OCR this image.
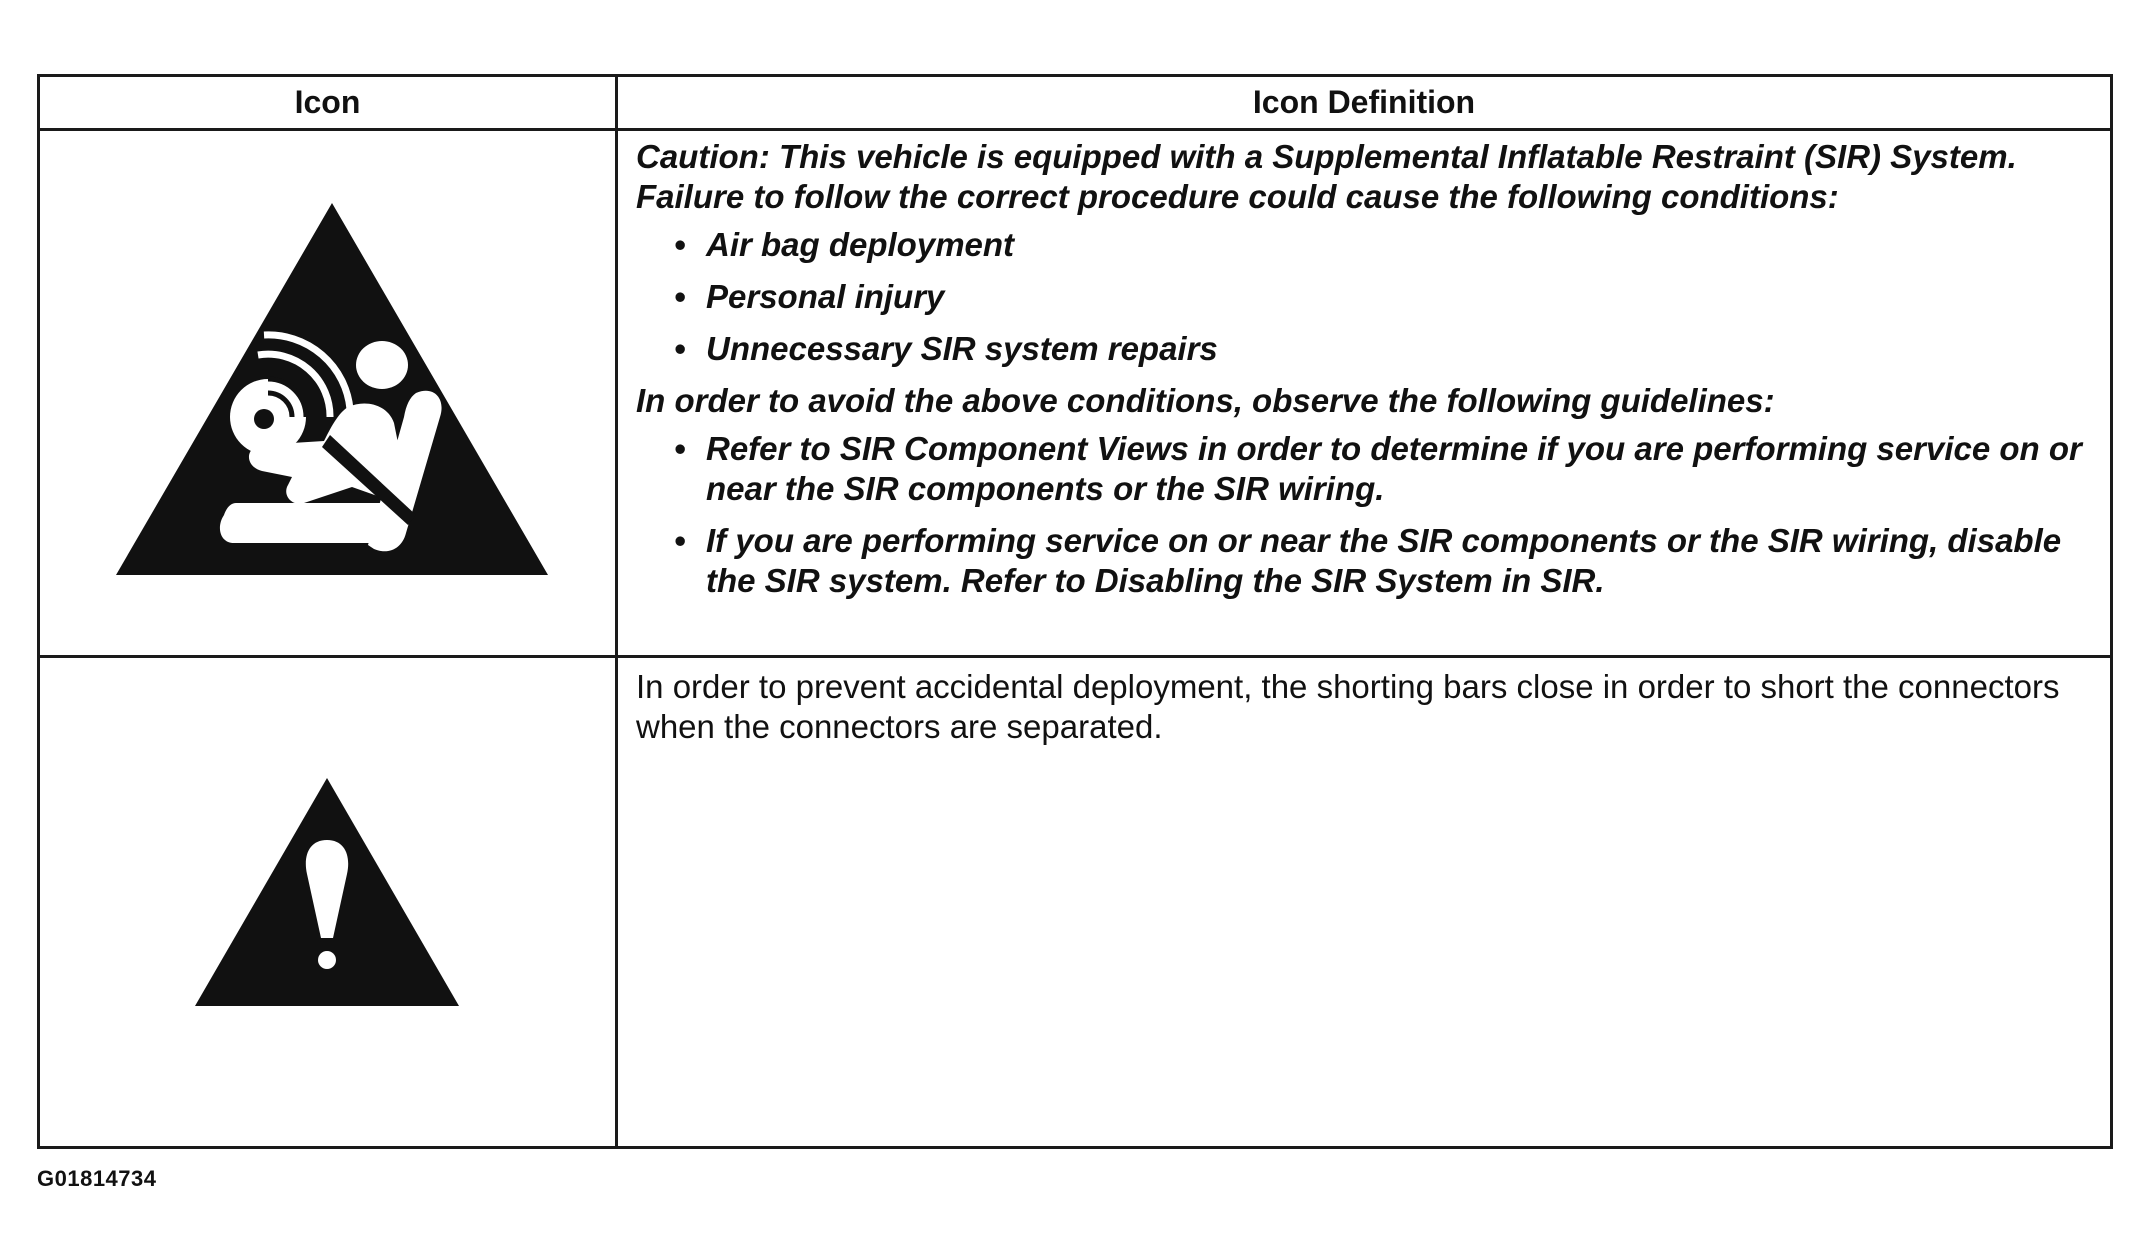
Icon	Icon Definition

Caution: This vehicle is equipped with a Supplemental Inflatable Restraint (SIR) System. Failure to follow the correct procedure could cause the following conditions:

• Air bag deployment
• Personal injury
• Unnecessary SIR system repairs

In order to avoid the above conditions, observe the following guidelines:

• Refer to SIR Component Views in order to determine if you are performing service on or near the SIR components or the SIR wiring.
• If you are performing service on or near the SIR components or the SIR wiring, disable the SIR system. Refer to Disabling the SIR System in SIR.
In order to prevent accidental deployment, the shorting bars close in order to short the connectors when the connectors are separated.
G01814734
